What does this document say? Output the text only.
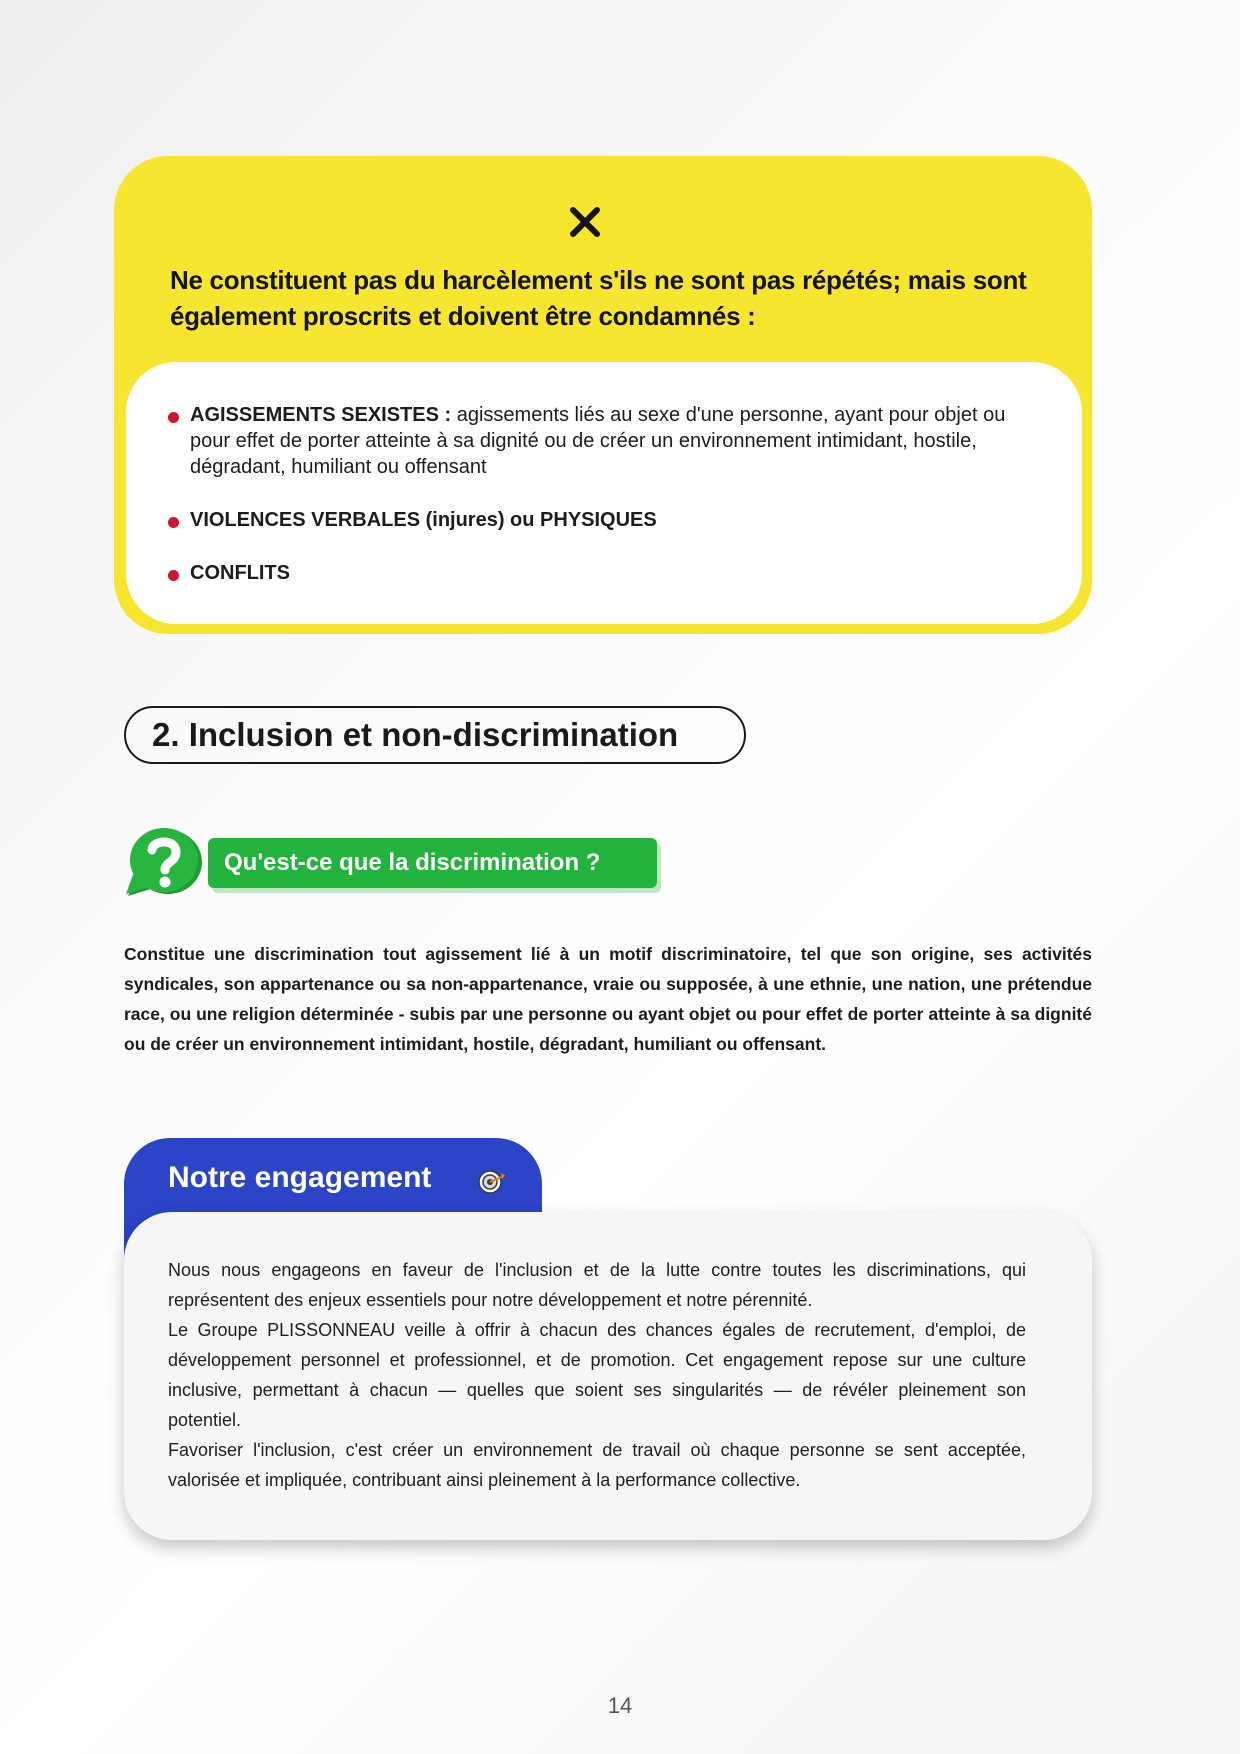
Ne constituent pas du harcèlement s'ils ne sont pas répétés; mais sont également proscrits et doivent être condamnés :
AGISSEMENTS SEXISTES : agissements liés au sexe d'une personne, ayant pour objet ou pour effet de porter atteinte à sa dignité ou de créer un environnement intimidant, hostile, dégradant, humiliant ou offensant
VIOLENCES VERBALES (injures) ou PHYSIQUES
CONFLITS
2. Inclusion et non-discrimination
Qu'est-ce que la discrimination ?
Constitue une discrimination tout agissement lié à un motif discriminatoire, tel que son origine, ses activités syndicales, son appartenance ou sa non-appartenance, vraie ou supposée, à une ethnie, une nation, une prétendue race, ou une religion déterminée - subis par une personne ou ayant objet ou pour effet de porter atteinte à sa dignité ou de créer un environnement intimidant, hostile, dégradant, humiliant ou offensant.
Notre engagement

Nous nous engageons en faveur de l'inclusion et de la lutte contre toutes les discriminations, qui représentent des enjeux essentiels pour notre développement et notre pérennité.

Le Groupe PLISSONNEAU veille à offrir à chacun des chances égales de recrutement, d'emploi, de développement personnel et professionnel, et de promotion. Cet engagement repose sur une culture inclusive, permettant à chacun — quelles que soient ses singularités — de révéler pleinement son potentiel.

Favoriser l'inclusion, c'est créer un environnement de travail où chaque personne se sent acceptée, valorisée et impliquée, contribuant ainsi pleinement à la performance collective.

14
